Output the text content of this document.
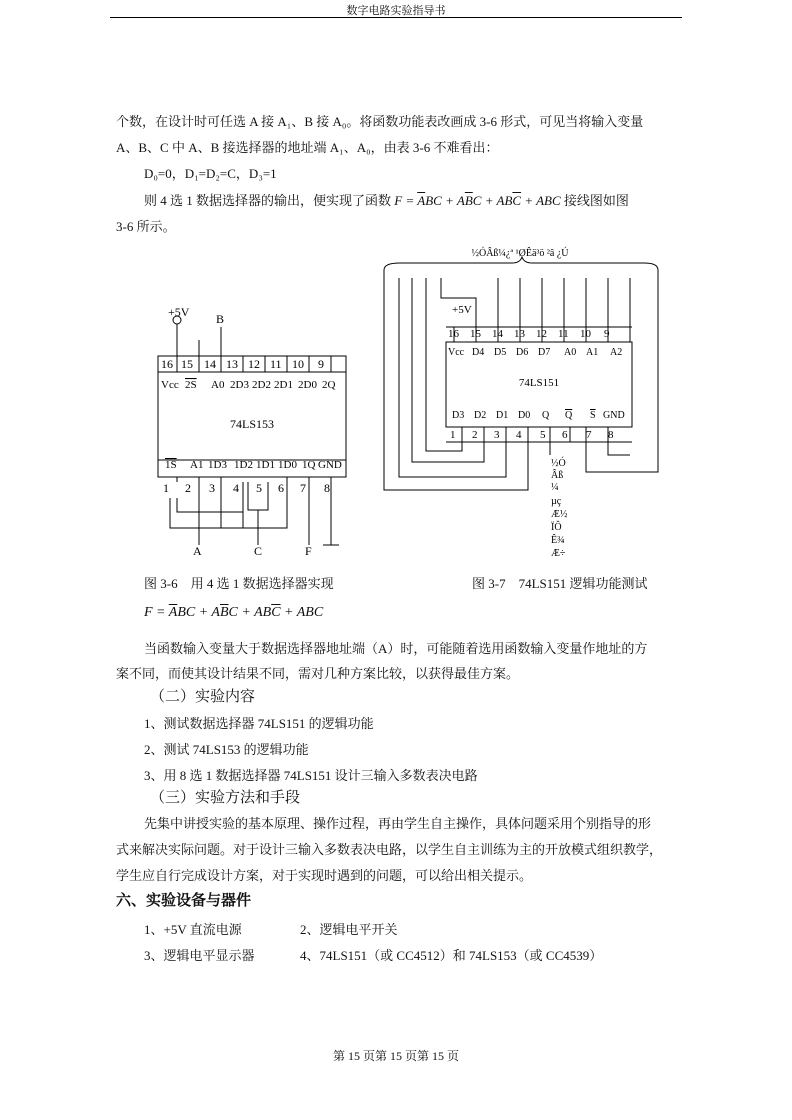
数字电路实验指导书
个数，在设计时可任选 A 接 A₁、B 接 A₀。将函数功能表改画成 3-6 形式，可见当将输入变量
A、B、C 中 A、B 接选择器的地址端 A₁、A₀，由表 3-6 不难看出：
D₀=0，D₁=D₂=C，D₃=1
则 4 选 1 数据选择器的输出，便实现了函数 $F = \overline{A}BC + A\overline{B}C + AB\overline{C}$ + ABC 接线图如图
3-6 所示。
½ÓÂß¼¿ª ¹ØÊä³ö ²â ¿Ú
+5V
74LS151
16 15 14 13 12 11 10 9
Vcc D4 D5 D6 D7 A0 A1 A2
D3 D2 D1 D0 Q Q S GND
1 2 3 4 5 6 7 8
½Ó
Âß
¼
µç
Æ½
ÏÔ
Ê¾
Æ÷
+5V B
16 15 14 13 12 11 10 9
Vcc 2S A0 2D3 2D2 2D1 2D0 2Q
74LS153
1S A1 1D3 1D2 1D1 1D0 1Q GND
1 2 3 4 5 6 7 8
A	C	F
图 3-6　用 4 选 1 数据选择器实现	图 3-7　74LS151 逻辑功能测试
$F = \overline{A}BC + A\overline{B}C + AB\overline{C}$ + ABC
当函数输入变量大于数据选择器地址端（A）时，可能随着选用函数输入变量作地址的方
案不同，而使其设计结果不同，需对几种方案比较，以获得最佳方案。
（二）实验内容
1、测试数据选择器 74LS151 的逻辑功能
2、测试 74LS153 的逻辑功能
3、用 8 选 1 数据选择器 74LS151 设计三输入多数表决电路
（三）实验方法和手段
先集中讲授实验的基本原理、操作过程，再由学生自主操作，具体问题采用个别指导的形
式来解决实际问题。对于设计三输入多数表决电路，以学生自主训练为主的开放模式组织教学，
学生应自行完成设计方案，对于实现时遇到的问题，可以给出相关提示。
六、实验设备与器件
1、+5V 直流电源	2、逻辑电平开关
3、逻辑电平显示器	4、74LS151（或 CC4512）和 74LS153（或 CC4539）
第 15 页第 15 页第 15 页
